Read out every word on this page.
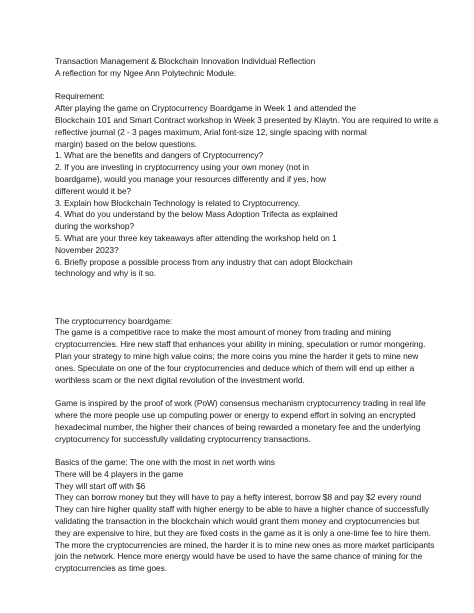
Transaction Management & Blockchain Innovation Individual Reflection
A reflection for my Ngee Ann Polytechnic Module:
Requirement:
After playing the game on Cryptocurrency Boardgame in Week 1 and attended the
Blockchain 101 and Smart Contract workshop in Week 3 presented by Klaytn. You are required to write a
reflective journal (2 - 3 pages maximum, Arial font-size 12, single spacing with normal
margin) based on the below questions.
1. What are the benefits and dangers of Cryptocurrency?
2. If you are investing in cryptocurrency using your own money (not in
boardgame), would you manage your resources differently and if yes, how
different would it be?
3. Explain how Blockchain Technology is related to Cryptocurrency.
4. What do you understand by the below Mass Adoption Trifecta as explained
during the workshop?
5. What are your three key takeaways after attending the workshop held on 1
November 2023?
6. Briefly propose a possible process from any industry that can adopt Blockchain
technology and why is it so.
The cryptocurrency boardgame:
The game is a competitive race to make the most amount of money from trading and mining
cryptocurrencies. Hire new staff that enhances your ability in mining, speculation or rumor mongering.
Plan your strategy to mine high value coins; the more coins you mine the harder it gets to mine new
ones. Speculate on one of the four cryptocurrencies and deduce which of them will end up either a
worthless scam or the next digital revolution of the investment world.
Game is inspired by the proof of work (PoW) consensus mechanism cryptocurrency trading in real life
where the more people use up computing power or energy to expend effort in solving an encrypted
hexadecimal number, the higher their chances of being rewarded a monetary fee and the underlying
cryptocurrency for successfully validating cryptocurrency transactions.
Basics of the game: The one with the most in net worth wins
There will be 4 players in the game
They will start off with $6
They can borrow money but they will have to pay a hefty interest, borrow $8 and pay $2 every round
They can hire higher quality staff with higher energy to be able to have a higher chance of successfully
validating the transaction in the blockchain which would grant them money and cryptocurrencies but
they are expensive to hire, but they are fixed costs in the game as it is only a one-time fee to hire them.
The more the cryptocurrencies are mined, the harder it is to mine new ones as more market participants
join the network. Hence more energy would have be used to have the same chance of mining for the
cryptocurrencies as time goes.
